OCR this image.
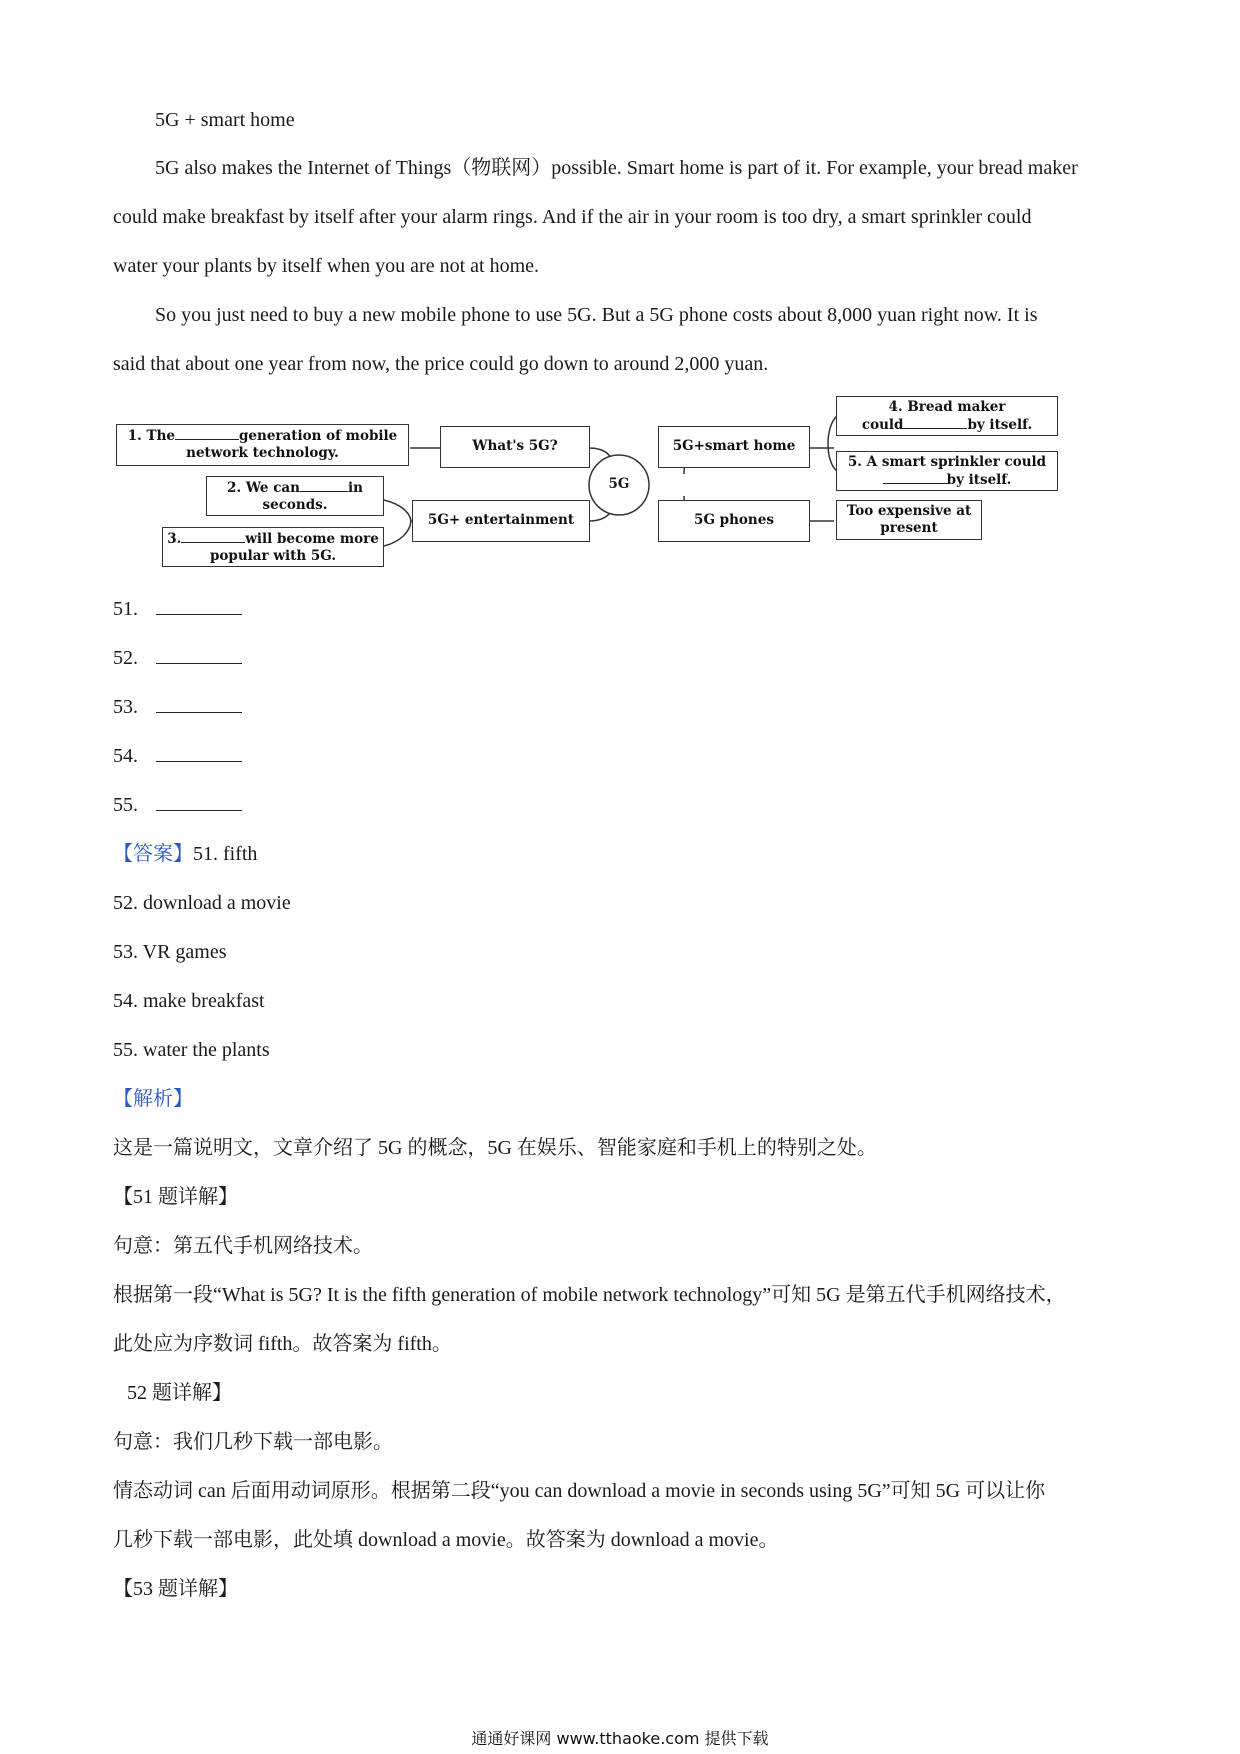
5G + smart home
5G also makes the Internet of Things（物联网）possible. Smart home is part of it. For example, your bread maker
could make breakfast by itself after your alarm rings. And if the air in your room is too dry, a smart sprinkler could
water your plants by itself when you are not at home.
So you just need to buy a new mobile phone to use 5G. But a 5G phone costs about 8,000 yuan right now. It is
said that about one year from now, the price could go down to around 2,000 yuan.
5G
What's 5G?
5G+ entertainment
5G+smart home
5G phones
1. The	generation of mobile
network technology.
2. We can	in
seconds.
3.	will become more
popular with 5G.
4. Bread maker
could	by itself.
5. A smart sprinkler could
by itself.
Too expensive at
present
51.
52.
53.
54.
55.
【答案】51. fifth
52. download a movie
53. VR games
54. make breakfast
55. water the plants
【解析】
这是一篇说明文，文章介绍了 5G 的概念，5G 在娱乐、智能家庭和手机上的特别之处。
【51 题详解】
句意：第五代手机网络技术。
根据第一段“What is 5G? It is the fifth generation of mobile network technology”可知 5G 是第五代手机网络技术，
此处应为序数词 fifth。故答案为 fifth。
52 题详解】
句意：我们几秒下载一部电影。
情态动词 can 后面用动词原形。根据第二段“you can download a movie in seconds using 5G”可知 5G 可以让你
几秒下载一部电影，此处填 download a movie。故答案为 download a movie。
【53 题详解】
通通好课网 www.tthaoke.com 提供下载
